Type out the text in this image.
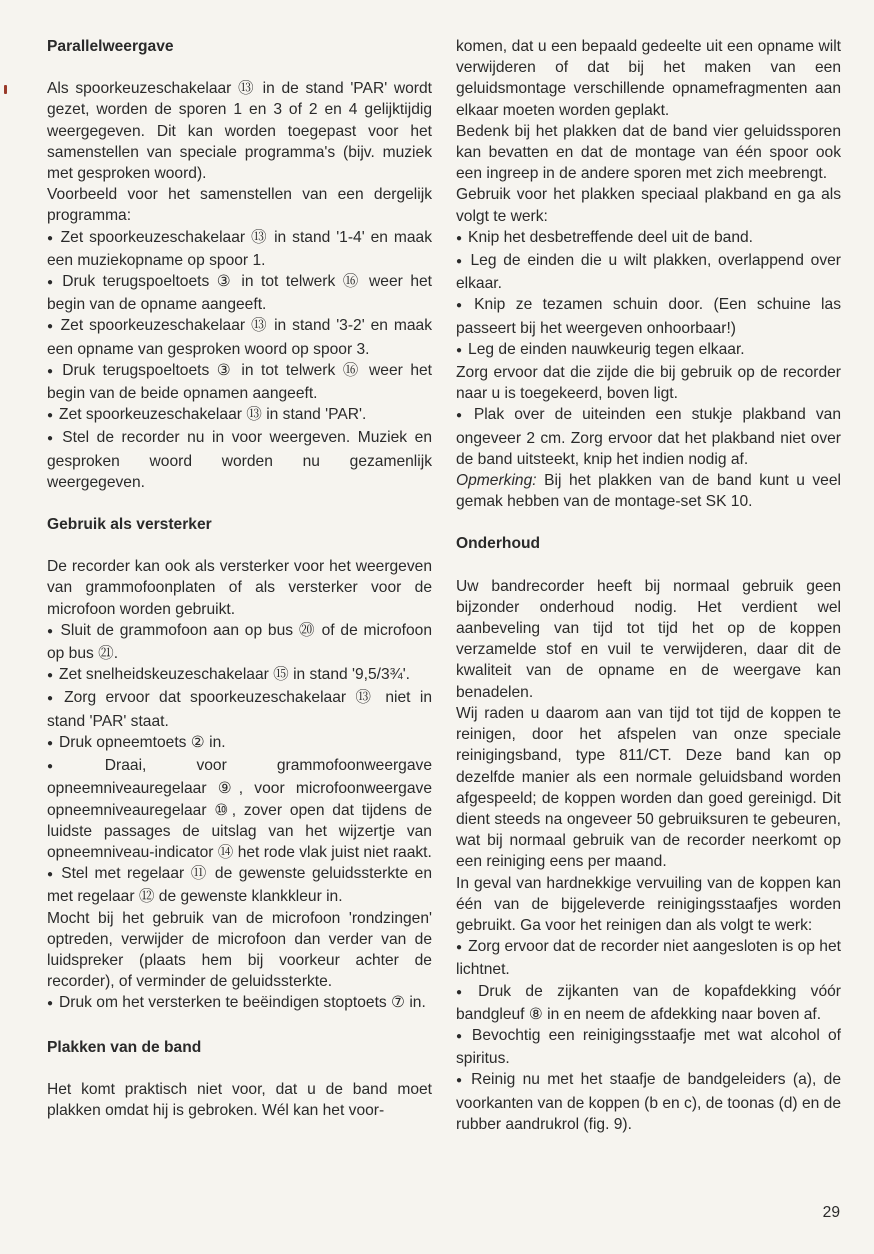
Parallelweergave

Als spoorkeuzeschakelaar ⑬ in de stand 'PAR' wordt gezet, worden de sporen 1 en 3 of 2 en 4 gelijktijdig weergegeven. Dit kan worden toegepast voor het samenstellen van speciale programma's (bijv. muziek met gesproken woord).

Voorbeeld voor het samenstellen van een dergelijk programma:

● Zet spoorkeuzeschakelaar ⑬ in stand '1-4' en maak een muziekopname op spoor 1.

● Druk terugspoeltoets ③ in tot telwerk ⑯ weer het begin van de opname aangeeft.

● Zet spoorkeuzeschakelaar ⑬ in stand '3-2' en maak een opname van gesproken woord op spoor 3.

● Druk terugspoeltoets ③ in tot telwerk ⑯ weer het begin van de beide opnamen aangeeft.

● Zet spoorkeuzeschakelaar ⑬ in stand 'PAR'.

● Stel de recorder nu in voor weergeven. Muziek en gesproken woord worden nu gezamenlijk weergegeven.

Gebruik als versterker

De recorder kan ook als versterker voor het weergeven van grammofoonplaten of als versterker voor de microfoon worden gebruikt.

● Sluit de grammofoon aan op bus ⑳ of de microfoon op bus ㉑.

● Zet snelheidskeuzeschakelaar ⑮ in stand '9,5/3¾'.

● Zorg ervoor dat spoorkeuzeschakelaar ⑬ niet in stand 'PAR' staat.

● Druk opneemtoets ② in.

● Draai, voor grammofoonweergave opneemniveauregelaar ⑨, voor microfoonweergave opneemniveauregelaar ⑩, zover open dat tijdens de luidste passages de uitslag van het wijzertje van opneemniveau-indicator ⑭ het rode vlak juist niet raakt.

● Stel met regelaar ⑪ de gewenste geluidssterkte en met regelaar ⑫ de gewenste klankkleur in.

Mocht bij het gebruik van de microfoon 'rondzingen' optreden, verwijder de microfoon dan verder van de luidspreker (plaats hem bij voorkeur achter de recorder), of verminder de geluidssterkte.

● Druk om het versterken te beëindigen stoptoets ⑦ in.

Plakken van de band

Het komt praktisch niet voor, dat u de band moet plakken omdat hij is gebroken. Wél kan het voor-

komen, dat u een bepaald gedeelte uit een opname wilt verwijderen of dat bij het maken van een geluidsmontage verschillende opnamefragmenten aan elkaar moeten worden geplakt.

Bedenk bij het plakken dat de band vier geluidssporen kan bevatten en dat de montage van één spoor ook een ingreep in de andere sporen met zich meebrengt.

Gebruik voor het plakken speciaal plakband en ga als volgt te werk:

● Knip het desbetreffende deel uit de band.

● Leg de einden die u wilt plakken, overlappend over elkaar.

● Knip ze tezamen schuin door. (Een schuine las passeert bij het weergeven onhoorbaar!)

● Leg de einden nauwkeurig tegen elkaar.

Zorg ervoor dat die zijde die bij gebruik op de recorder naar u is toegekeerd, boven ligt.

● Plak over de uiteinden een stukje plakband van ongeveer 2 cm. Zorg ervoor dat het plakband niet over de band uitsteekt, knip het indien nodig af.

Opmerking: Bij het plakken van de band kunt u veel gemak hebben van de montage-set SK 10.

Onderhoud

Uw bandrecorder heeft bij normaal gebruik geen bijzonder onderhoud nodig. Het verdient wel aanbeveling van tijd tot tijd het op de koppen verzamelde stof en vuil te verwijderen, daar dit de kwaliteit van de opname en de weergave kan benadelen.

Wij raden u daarom aan van tijd tot tijd de koppen te reinigen, door het afspelen van onze speciale reinigingsband, type 811/CT. Deze band kan op dezelfde manier als een normale geluidsband worden afgespeeld; de koppen worden dan goed gereinigd. Dit dient steeds na ongeveer 50 gebruiksuren te gebeuren, wat bij normaal gebruik van de recorder neerkomt op een reiniging eens per maand.

In geval van hardnekkige vervuiling van de koppen kan één van de bijgeleverde reinigingsstaafjes worden gebruikt. Ga voor het reinigen dan als volgt te werk:

● Zorg ervoor dat de recorder niet aangesloten is op het lichtnet.

● Druk de zijkanten van de kopafdekking vóór bandgleuf ⑧ in en neem de afdekking naar boven af.

● Bevochtig een reinigingsstaafje met wat alcohol of spiritus.

● Reinig nu met het staafje de bandgeleiders (a), de voorkanten van de koppen (b en c), de toonas (d) en de rubber aandrukrol (fig. 9).

29
